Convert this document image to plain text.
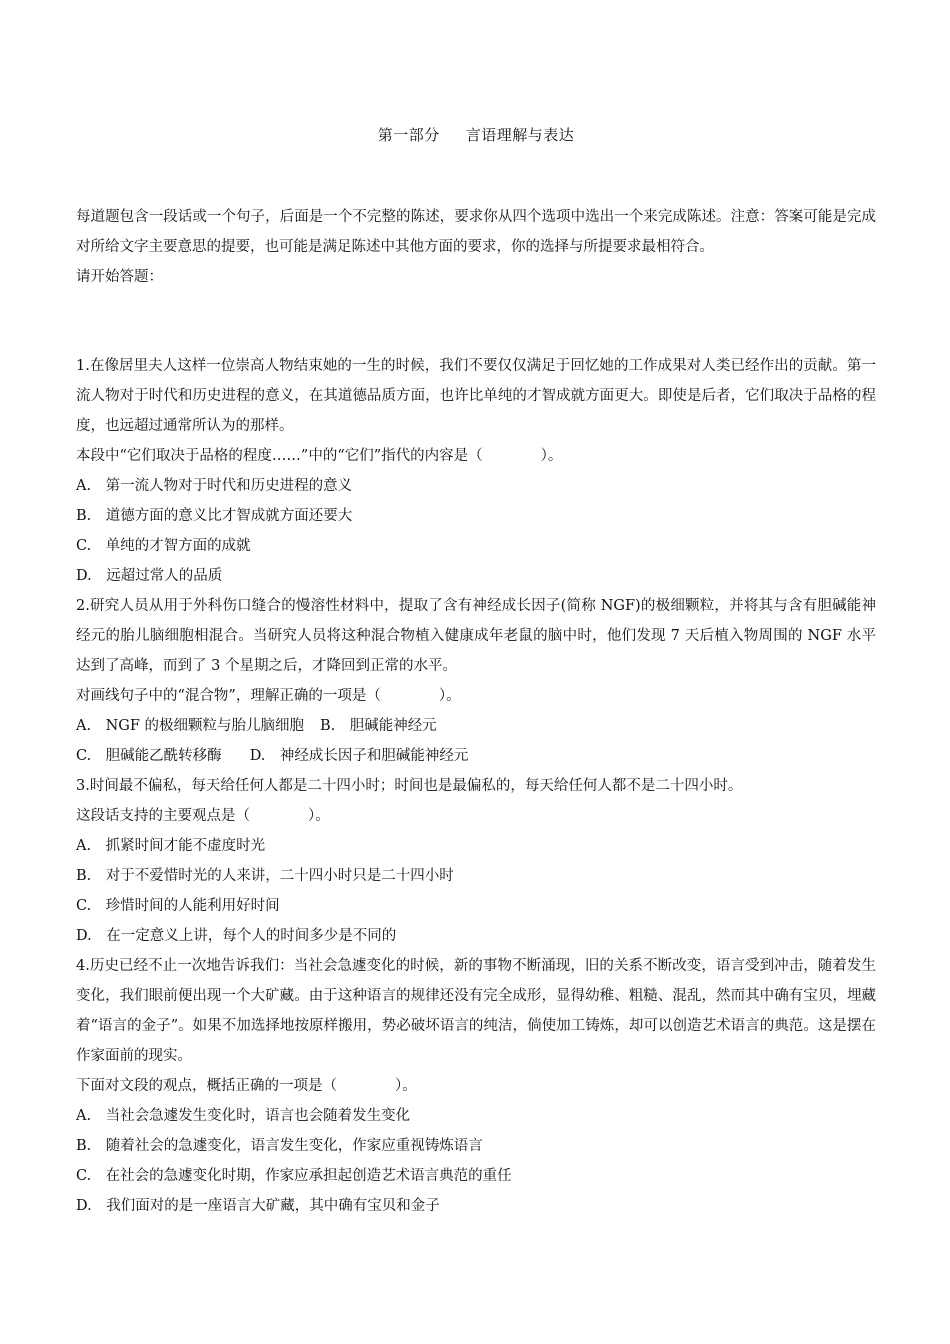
第一部分 言语理解与表达
每道题包含一段话或一个句子，后面是一个不完整的陈述，要求你从四个选项中选出一个来完成陈述。注意：答案可能是完成对所给文字主要意思的提要，也可能是满足陈述中其他方面的要求，你的选择与所提要求最相符合。
请开始答题：
1.在像居里夫人这样一位崇高人物结束她的一生的时候，我们不要仅仅满足于回忆她的工作成果对人类已经作出的贡献。第一流人物对于时代和历史进程的意义，在其道德品质方面，也许比单纯的才智成就方面更大。即使是后者，它们取决于品格的程度，也远超过通常所认为的那样。
本段中“它们取决于品格的程度……”中的“它们”指代的内容是（　　　　）。
A.　第一流人物对于时代和历史进程的意义
B.　道德方面的意义比才智成就方面还要大
C.　单纯的才智方面的成就
D.　远超过常人的品质
2.研究人员从用于外科伤口缝合的慢溶性材料中，提取了含有神经成长因子(简称 NGF)的极细颗粒，并将其与含有胆碱能神经元的胎儿脑细胞相混合。当研究人员将这种混合物植入健康成年老鼠的脑中时，他们发现 7 天后植入物周围的 NGF 水平达到了高峰，而到了 3 个星期之后，才降回到正常的水平。
对画线句子中的“混合物”，理解正确的一项是（　　　　）。
A.　NGF 的极细颗粒与胎儿脑细胞 B.　胆碱能神经元
C.　胆碱能乙酰转移酶 D.　神经成长因子和胆碱能神经元
3.时间最不偏私，每天给任何人都是二十四小时；时间也是最偏私的，每天给任何人都不是二十四小时。
这段话支持的主要观点是（　　　　）。
A.　抓紧时间才能不虚度时光
B.　对于不爱惜时光的人来讲，二十四小时只是二十四小时
C.　珍惜时间的人能利用好时间
D.　在一定意义上讲，每个人的时间多少是不同的
4.历史已经不止一次地告诉我们：当社会急遽变化的时候，新的事物不断涌现，旧的关系不断改变，语言受到冲击，随着发生变化，我们眼前便出现一个大矿藏。由于这种语言的规律还没有完全成形，显得幼稚、粗糙、混乱，然而其中确有宝贝，埋藏着“语言的金子”。如果不加选择地按原样搬用，势必破坏语言的纯洁，倘使加工铸炼，却可以创造艺术语言的典范。这是摆在作家面前的现实。
下面对文段的观点，概括正确的一项是（　　　　）。
A.　当社会急遽发生变化时，语言也会随着发生变化
B.　随着社会的急遽变化，语言发生变化，作家应重视铸炼语言
C.　在社会的急遽变化时期，作家应承担起创造艺术语言典范的重任
D.　我们面对的是一座语言大矿藏，其中确有宝贝和金子
